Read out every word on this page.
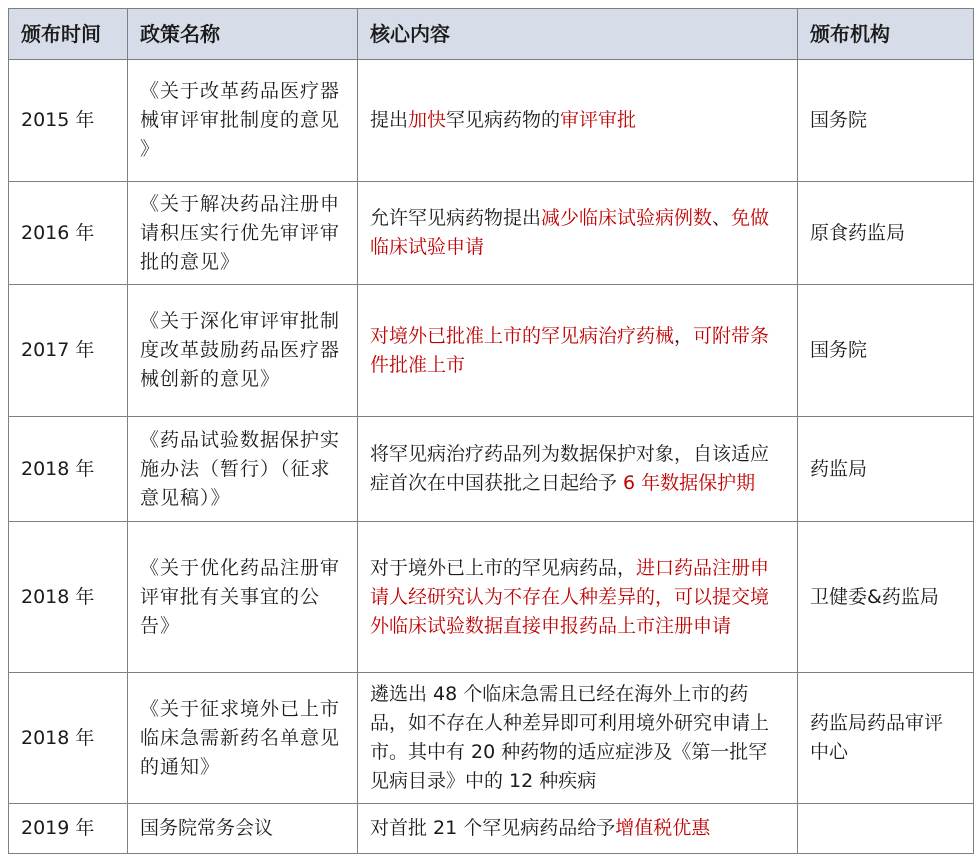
颁布时间	政策名称	核心内容	颁布机构
2015 年	《关于改革药品医疗器械审评审批制度的意见 》	提出加快罕见病药物的审评审批	国务院
2016 年	《关于解决药品注册申请积压实行优先审评审批的意见》	允许罕见病药物提出减少临床试验病例数、免做临床试验申请	原食药监局
2017 年	《关于深化审评审批制度改革鼓励药品医疗器械创新的意见》	对境外已批准上市的罕见病治疗药械，可附带条件批准上市	国务院
2018 年	《药品试验数据保护实施办法（暂行）（征求意见稿）》	将罕见病治疗药品列为数据保护对象，自该适应症首次在中国获批之日起给予 6 年数据保护期	药监局
2018 年	《关于优化药品注册审评审批有关事宜的公告》	对于境外已上市的罕见病药品，进口药品注册申请人经研究认为不存在人种差异的，可以提交境外临床试验数据直接申报药品上市注册申请	卫健委&药监局
2018 年	《关于征求境外已上市临床急需新药名单意见的通知》	遴选出 48 个临床急需且已经在海外上市的药品，如不存在人种差异即可利用境外研究申请上市。其中有 20 种药物的适应症涉及《第一批罕见病目录》中的 12 种疾病	药监局药品审评中心
2019 年	国务院常务会议	对首批 21 个罕见病药品给予增值税优惠	
